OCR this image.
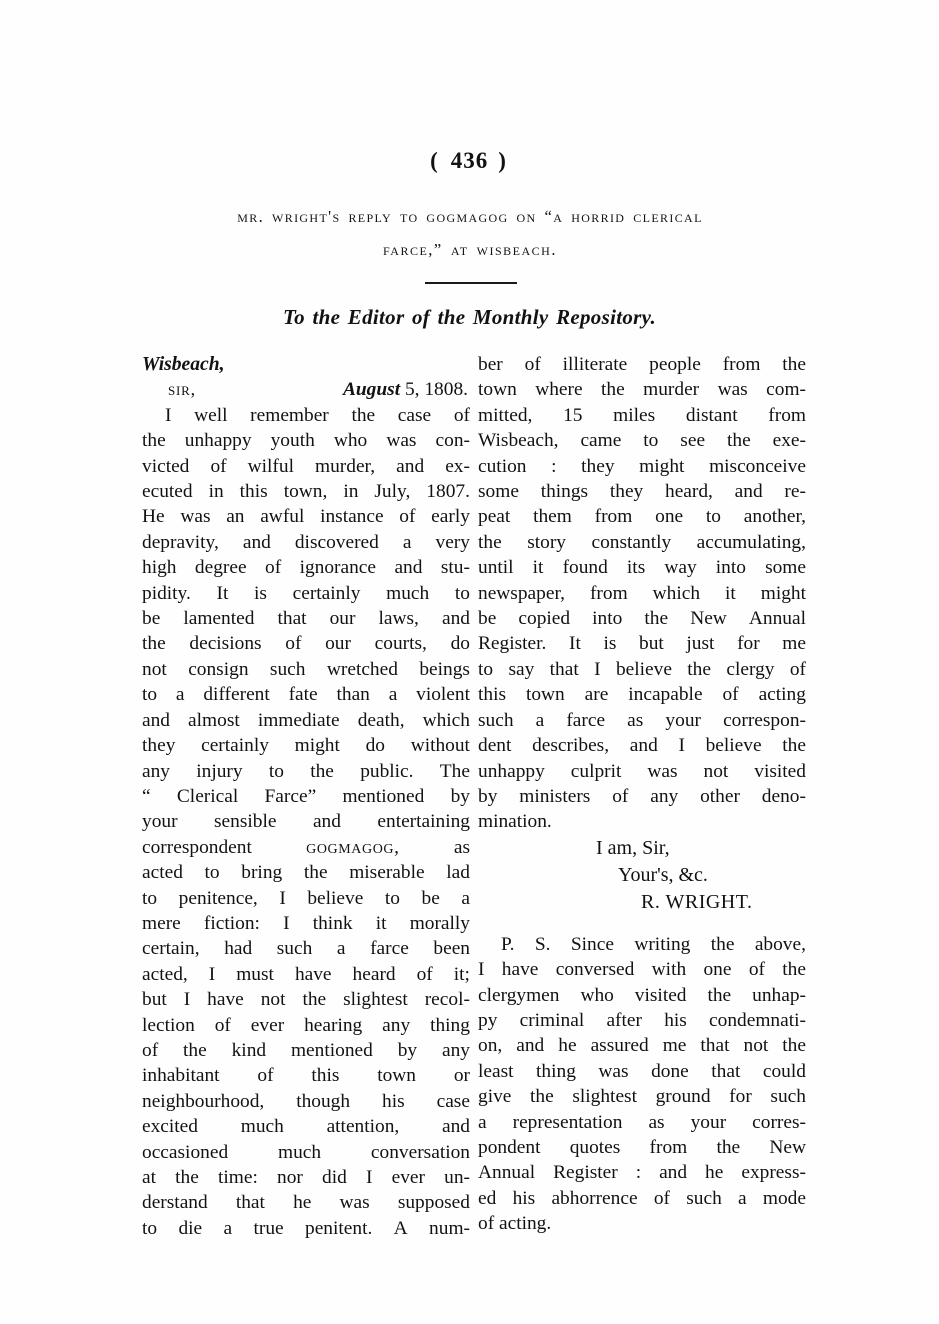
( 436 )
mr. wright's reply to gogmagog on “a horrid clerical
farce,” at wisbeach.
To the Editor of the Monthly Repository.
Wisbeach,
sir,	August 5, 1808.
I well remember the case of
the unhappy youth who was con-
victed of wilful murder, and ex-
ecuted in this town, in July, 1807.
He was an awful instance of early
depravity, and discovered a very
high degree of ignorance and stu-
pidity. It is certainly much to
be lamented that our laws, and
the decisions of our courts, do
not consign such wretched beings
to a different fate than a violent
and almost immediate death, which
they certainly might do without
any injury to the public. The
“ Clerical Farce” mentioned by
your sensible and entertaining
correspondent	gogmagog,	as
acted to bring the miserable lad
to penitence, I believe to be a
mere fiction: I think it morally
certain, had such a farce been
acted, I must have heard of it;
but I have not the slightest recol-
lection of ever hearing any thing
of the kind mentioned by any
inhabitant of this town or
neighbourhood, though his case
excited much attention, and
occasioned	much	conversation
at the time: nor did I ever un-
derstand that he was supposed
to die a true penitent. A num-
ber of illiterate people from the
town where the murder was com-
mitted, 15 miles distant from
Wisbeach, came to see the exe-
cution : they might misconceive
some things they heard, and re-
peat them from one to another,
the story constantly accumulating,
until it found its way into some
newspaper, from which it might
be copied into the New Annual
Register. It is but just for me
to say that I believe the clergy of
this town are incapable of acting
such a farce as your correspon-
dent describes, and I believe the
unhappy culprit was not visited
by ministers of any other deno-
mination.
I am, Sir,
Your's, &c.
R. WRIGHT.
P. S. Since writing the above,
I have conversed with one of the
clergymen who visited the unhap-
py criminal after his condemnati-
on, and he assured me that not the
least thing was done that could
give the slightest ground for such
a representation as your corres-
pondent quotes from the New
Annual Register : and he express-
ed his abhorrence of such a mode
of acting.
